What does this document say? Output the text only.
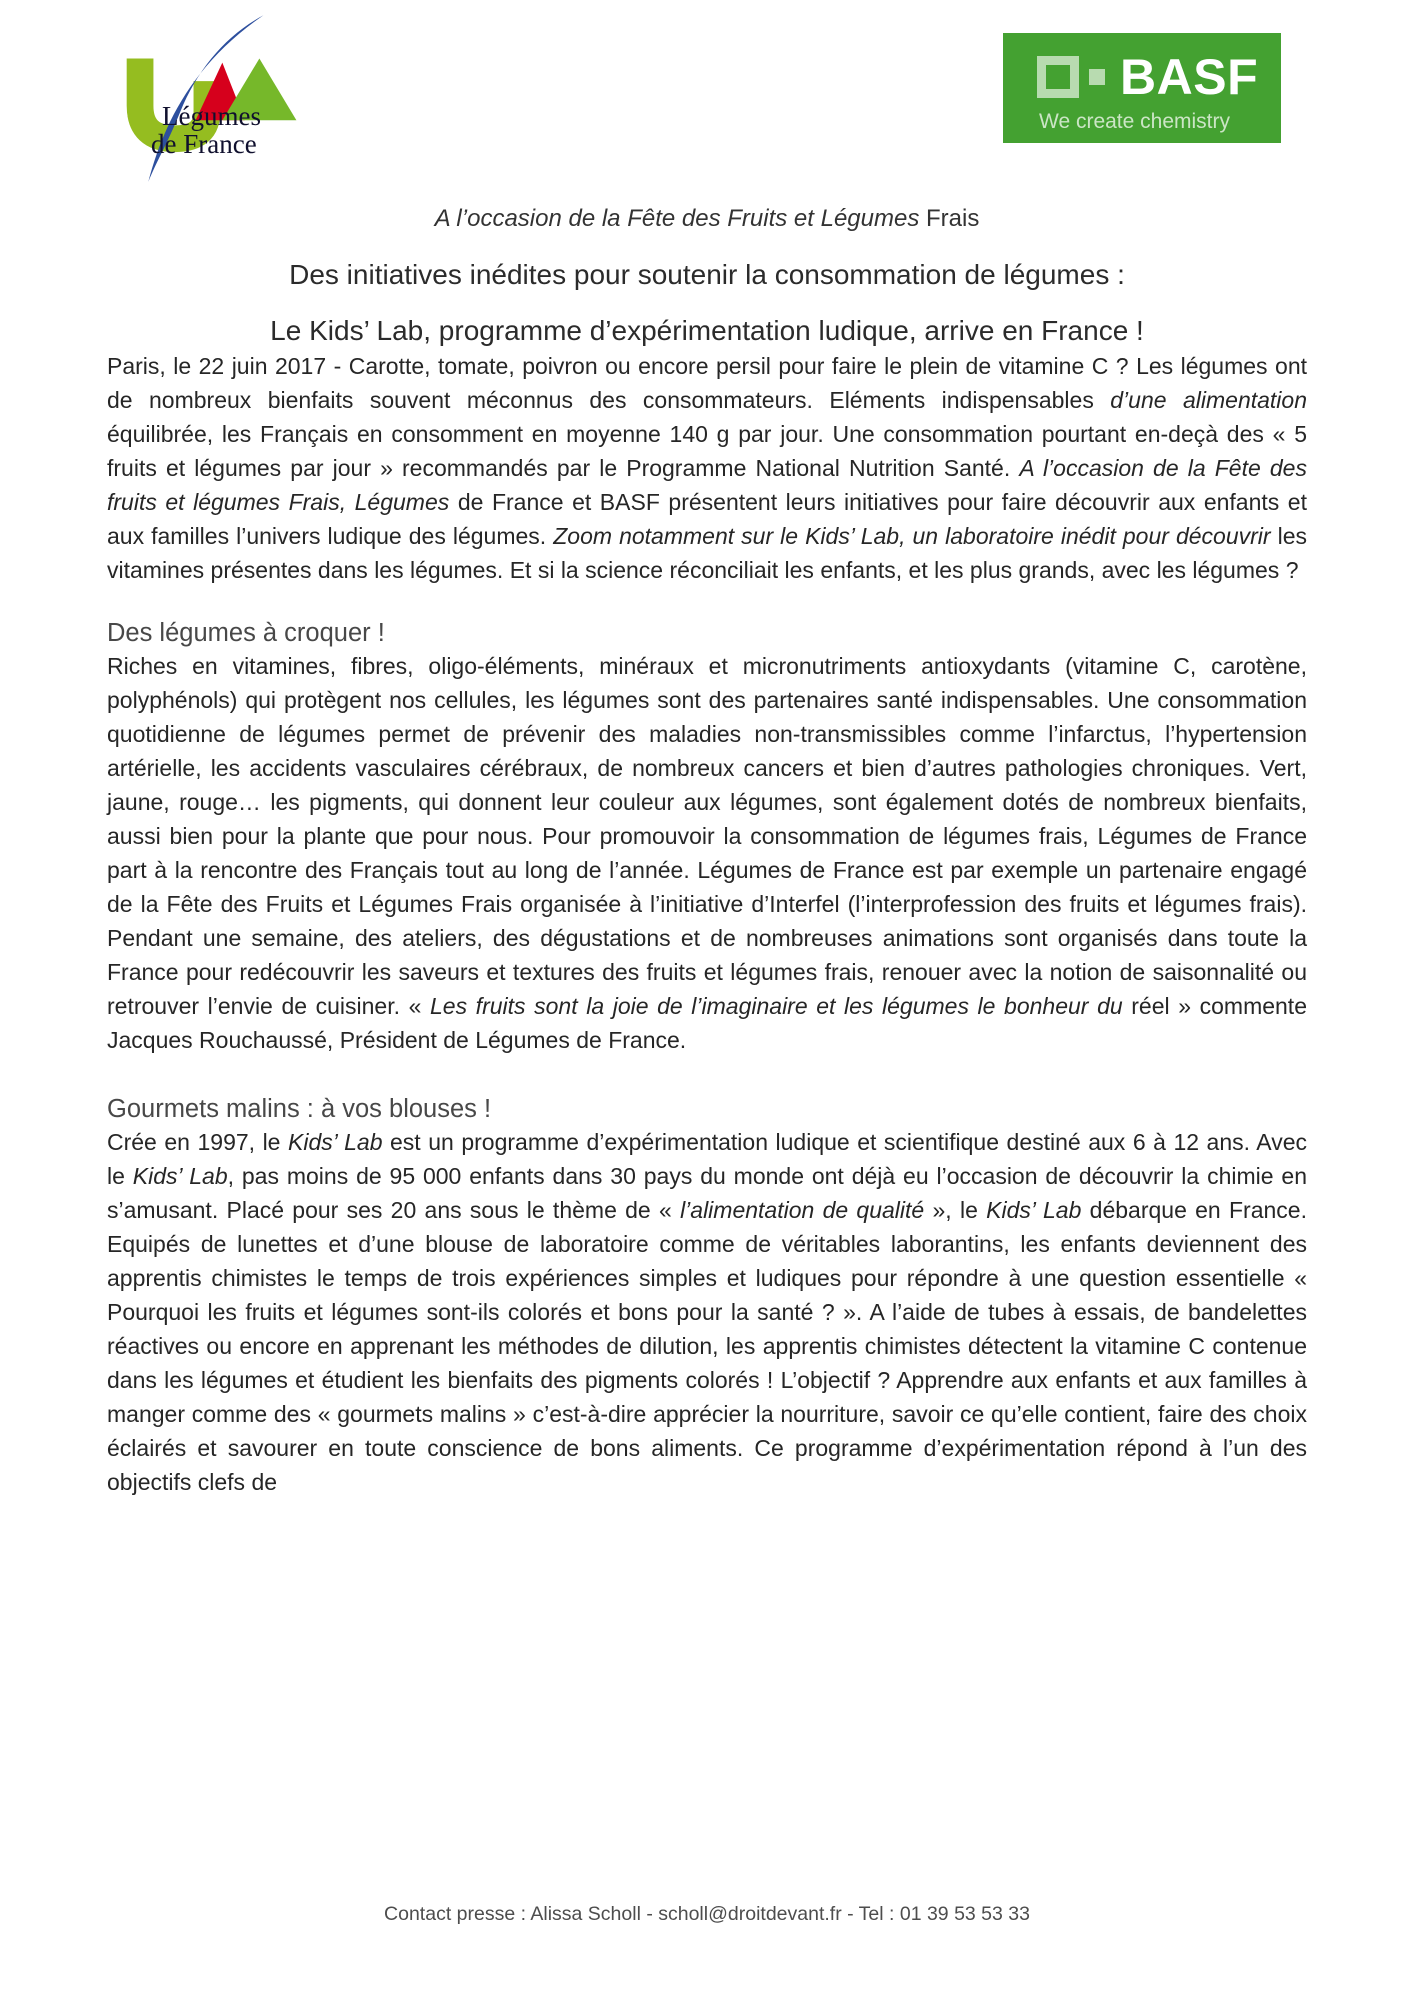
Légumes
de France
BASF
We create chemistry
A l’occasion de la Fête des Fruits et Légumes Frais
Des initiatives inédites pour soutenir la consommation de légumes :
Le Kids’ Lab, programme d’expérimentation ludique, arrive en France !

Paris, le 22 juin 2017 - Carotte, tomate, poivron ou encore persil pour faire le plein de vitamine C ? Les légumes ont de nombreux bienfaits souvent méconnus des consommateurs. Eléments indispensables d’une alimentation équilibrée, les Français en consomment en moyenne 140 g par jour. Une consommation pourtant en-deçà des « 5 fruits et légumes par jour » recommandés par le Programme National Nutrition Santé. A l’occasion de la Fête des fruits et légumes Frais, Légumes de France et BASF présentent leurs initiatives pour faire découvrir aux enfants et aux familles l’univers ludique des légumes. Zoom notamment sur le Kids’ Lab, un laboratoire inédit pour découvrir les vitamines présentes dans les légumes. Et si la science réconciliait les enfants, et les plus grands, avec les légumes ?

Des légumes à croquer !

Riches en vitamines, fibres, oligo-éléments, minéraux et micronutriments antioxydants (vitamine C, carotène, polyphénols) qui protègent nos cellules, les légumes sont des partenaires santé indispensables. Une consommation quotidienne de légumes permet de prévenir des maladies non-transmissibles comme l’infarctus, l’hypertension artérielle, les accidents vasculaires cérébraux, de nombreux cancers et bien d’autres pathologies chroniques. Vert, jaune, rouge… les pigments, qui donnent leur couleur aux légumes, sont également dotés de nombreux bienfaits, aussi bien pour la plante que pour nous. Pour promouvoir la consommation de légumes frais, Légumes de France part à la rencontre des Français tout au long de l’année. Légumes de France est par exemple un partenaire engagé de la Fête des Fruits et Légumes Frais organisée à l’initiative d’Interfel (l’interprofession des fruits et légumes frais). Pendant une semaine, des ateliers, des dégustations et de nombreuses animations sont organisés dans toute la France pour redécouvrir les saveurs et textures des fruits et légumes frais, renouer avec la notion de saisonnalité ou retrouver l’envie de cuisiner. « Les fruits sont la joie de l’imaginaire et les légumes le bonheur du réel » commente Jacques Rouchaussé, Président de Légumes de France.

Gourmets malins : à vos blouses !

Crée en 1997, le Kids’ Lab est un programme d’expérimentation ludique et scientifique destiné aux 6 à 12 ans. Avec le Kids’ Lab, pas moins de 95 000 enfants dans 30 pays du monde ont déjà eu l’occasion de découvrir la chimie en s’amusant. Placé pour ses 20 ans sous le thème de « l’alimentation de qualité », le Kids’ Lab débarque en France. Equipés de lunettes et d’une blouse de laboratoire comme de véritables laborantins, les enfants deviennent des apprentis chimistes le temps de trois expériences simples et ludiques pour répondre à une question essentielle « Pourquoi les fruits et légumes sont-ils colorés et bons pour la santé ? ». A l’aide de tubes à essais, de bandelettes réactives ou encore en apprenant les méthodes de dilution, les apprentis chimistes détectent la vitamine C contenue dans les légumes et étudient les bienfaits des pigments colorés ! L’objectif ? Apprendre aux enfants et aux familles à manger comme des « gourmets malins » c’est-à-dire apprécier la nourriture, savoir ce qu’elle contient, faire des choix éclairés et savourer en toute conscience de bons aliments. Ce programme d’expérimentation répond à l’un des objectifs clefs de

Contact presse : Alissa Scholl - scholl@droitdevant.fr - Tel : 01 39 53 53 33
